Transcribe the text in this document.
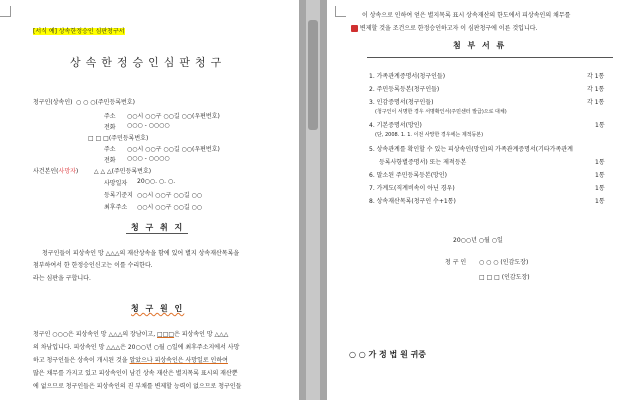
[서식 예] 상속한정승인 심판청구서
상속한정승인심판청구
청구인(상속인) ○ ○ ○(주민등록번호)
주소 ○○시 ○○구 ○○길 ○○(우편번호)
전화 ○○○ - ○○○○
□ □ □(주민등록번호)
주소 ○○시 ○○구 ○○길 ○○(우편번호)
전화 ○○○ - ○○○○
사건본인(사망자)	△ △ △(주민등록번호)
사망일자 20○○. ○. ○.
등록기준지 ○○시 ○○구 ○○길 ○○
최후주소 ○○시 ○○구 ○○길 ○○
청 구 취 지
청구인들이 피상속인 망 △△△의 재산상속을 함에 있어 별지 상속재산목록을
첨부하여서 한 한정승인신고는 이를 수리한다.
라는 심판을 구합니다.
청 구 원 인
청구인 ○○○은 피상속인 망 △△△의 장남이고, □□□은 피상속인 망 △△△
의 차남입니다. 피상속인 망 △△△은 20○○년 ○월 ○일에 최후주소지에서 사망
하고 청구인들은 상속이 개시된 것을 알았으나 피상속인은 사망일로 인하여
많은 채무를 가지고 있고 피상속인이 남긴 상속 재산은 별지목록 표시의 재산뿐
에 없으므로 청구인들은 피상속인의 진 부채를 변제할 능력이 없으므로 청구인들
이 상속으로 인하여 얻은 별지목록 표시 상속재산의 한도에서 피상속인의 채무를
변제할 것을 조건으로 한정승인하고자 이 심판청구에 이른 것입니다.
첨 부 서 류
1. 가족관계증명서(청구인들)	각 1통
2. 주민등록등본(청구인들)	각 1통
3. 인감증명서(청구인들)	각 1통
(청구인이 서명한 경우 서명확인서(주민센터 발급)으로 대체)
4. 기본증명서(망인)	1통
(단, 2008. 1. 1. 이전 사망한 경우에는 제적등본)
5. 상속관계를 확인할 수 있는 피상속인(망인)의 가족관계증명서(기타가족관계
등록사항별증명서) 또는 제적등본	1통
6. 말소된 주민등록등본(망인)	1통
7. 가계도(직계비속이 아닌 경우)	1통
8. 상속재산목록(청구인 수+1통)	1통
20○○년 ○월 ○일
청 구 인 ○ ○ ○ (인감도장)
□ □ □ (인감도장)
○ ○ 가 정 법 원 귀중
